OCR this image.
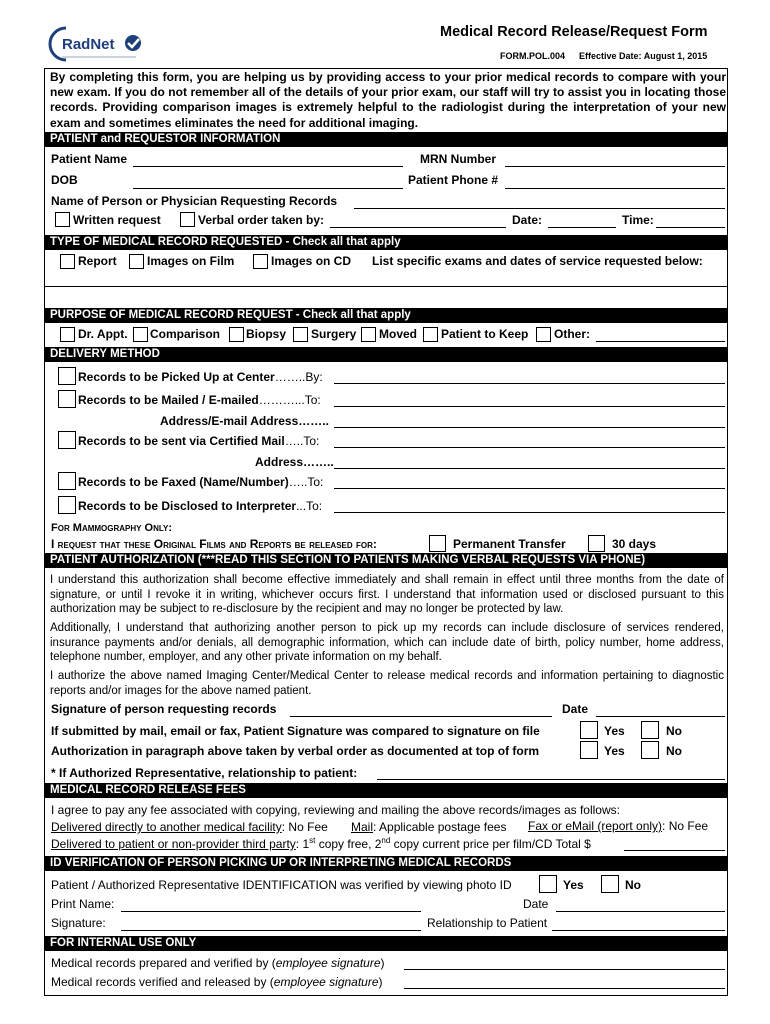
RadNet
Medical Record Release/Request Form
FORM.POL.004 Effective Date: August 1, 2015
By completing this form, you are helping us by providing access to your prior medical records to compare with your new exam. If you do not remember all of the details of your prior exam, our staff will try to assist you in locating those records. Providing comparison images is extremely helpful to the radiologist during the interpretation of your new exam and sometimes eliminates the need for additional imaging.
PATIENT and REQUESTOR INFORMATION
Patient Name	MRN Number
DOB	Patient Phone #
Name of Person or Physician Requesting Records
Written request	Verbal order taken by:	Date:	Time:
TYPE OF MEDICAL RECORD REQUESTED - Check all that apply
Report	Images on Film	Images on CD List specific exams and dates of service requested below:
PURPOSE OF MEDICAL RECORD REQUEST - Check all that apply
Dr. Appt. Comparison Biopsy Surgery Moved Patient to Keep Other:
DELIVERY METHOD
Records to be Picked Up at Center……..By:
Records to be Mailed / E-mailed………...To:
Address/E-mail Address……..
Records to be sent via Certified Mail…..To:
Address……..
Records to be Faxed (Name/Number)…..To:
Records to be Disclosed to Interpreter...To:
For Mammography Only:
I request that these Original Films and Reports be released for:	Permanent Transfer	30 days
PATIENT AUTHORIZATION (***READ THIS SECTION TO PATIENTS MAKING VERBAL REQUESTS VIA PHONE)
I understand this authorization shall become effective immediately and shall remain in effect until three months from the date of signature, or until I revoke it in writing, whichever occurs first. I understand that information used or disclosed pursuant to this authorization may be subject to re-disclosure by the recipient and may no longer be protected by law.
Additionally, I understand that authorizing another person to pick up my records can include disclosure of services rendered, insurance payments and/or denials, all demographic information, which can include date of birth, policy number, home address, telephone number, employer, and any other private information on my behalf.
I authorize the above named Imaging Center/Medical Center to release medical records and information pertaining to diagnostic reports and/or images for the above named patient.
Signature of person requesting records	Date
If submitted by mail, email or fax, Patient Signature was compared to signature on file	Yes	No
Authorization in paragraph above taken by verbal order as documented at top of form	Yes	No
* If Authorized Representative, relationship to patient:
MEDICAL RECORD RELEASE FEES
I agree to pay any fee associated with copying, reviewing and mailing the above records/images as follows:
Delivered directly to another medical facility: No Fee Mail: Applicable postage fees Fax or eMail (report only): No Fee
Delivered to patient or non-provider third party: 1st copy free, 2nd copy current price per film/CD Total $
ID VERIFICATION OF PERSON PICKING UP OR INTERPRETING MEDICAL RECORDS
Patient / Authorized Representative IDENTIFICATION was verified by viewing photo ID	Yes	No
Print Name:	Date
Signature:	Relationship to Patient
FOR INTERNAL USE ONLY
Medical records prepared and verified by (employee signature)
Medical records verified and released by (employee signature)
